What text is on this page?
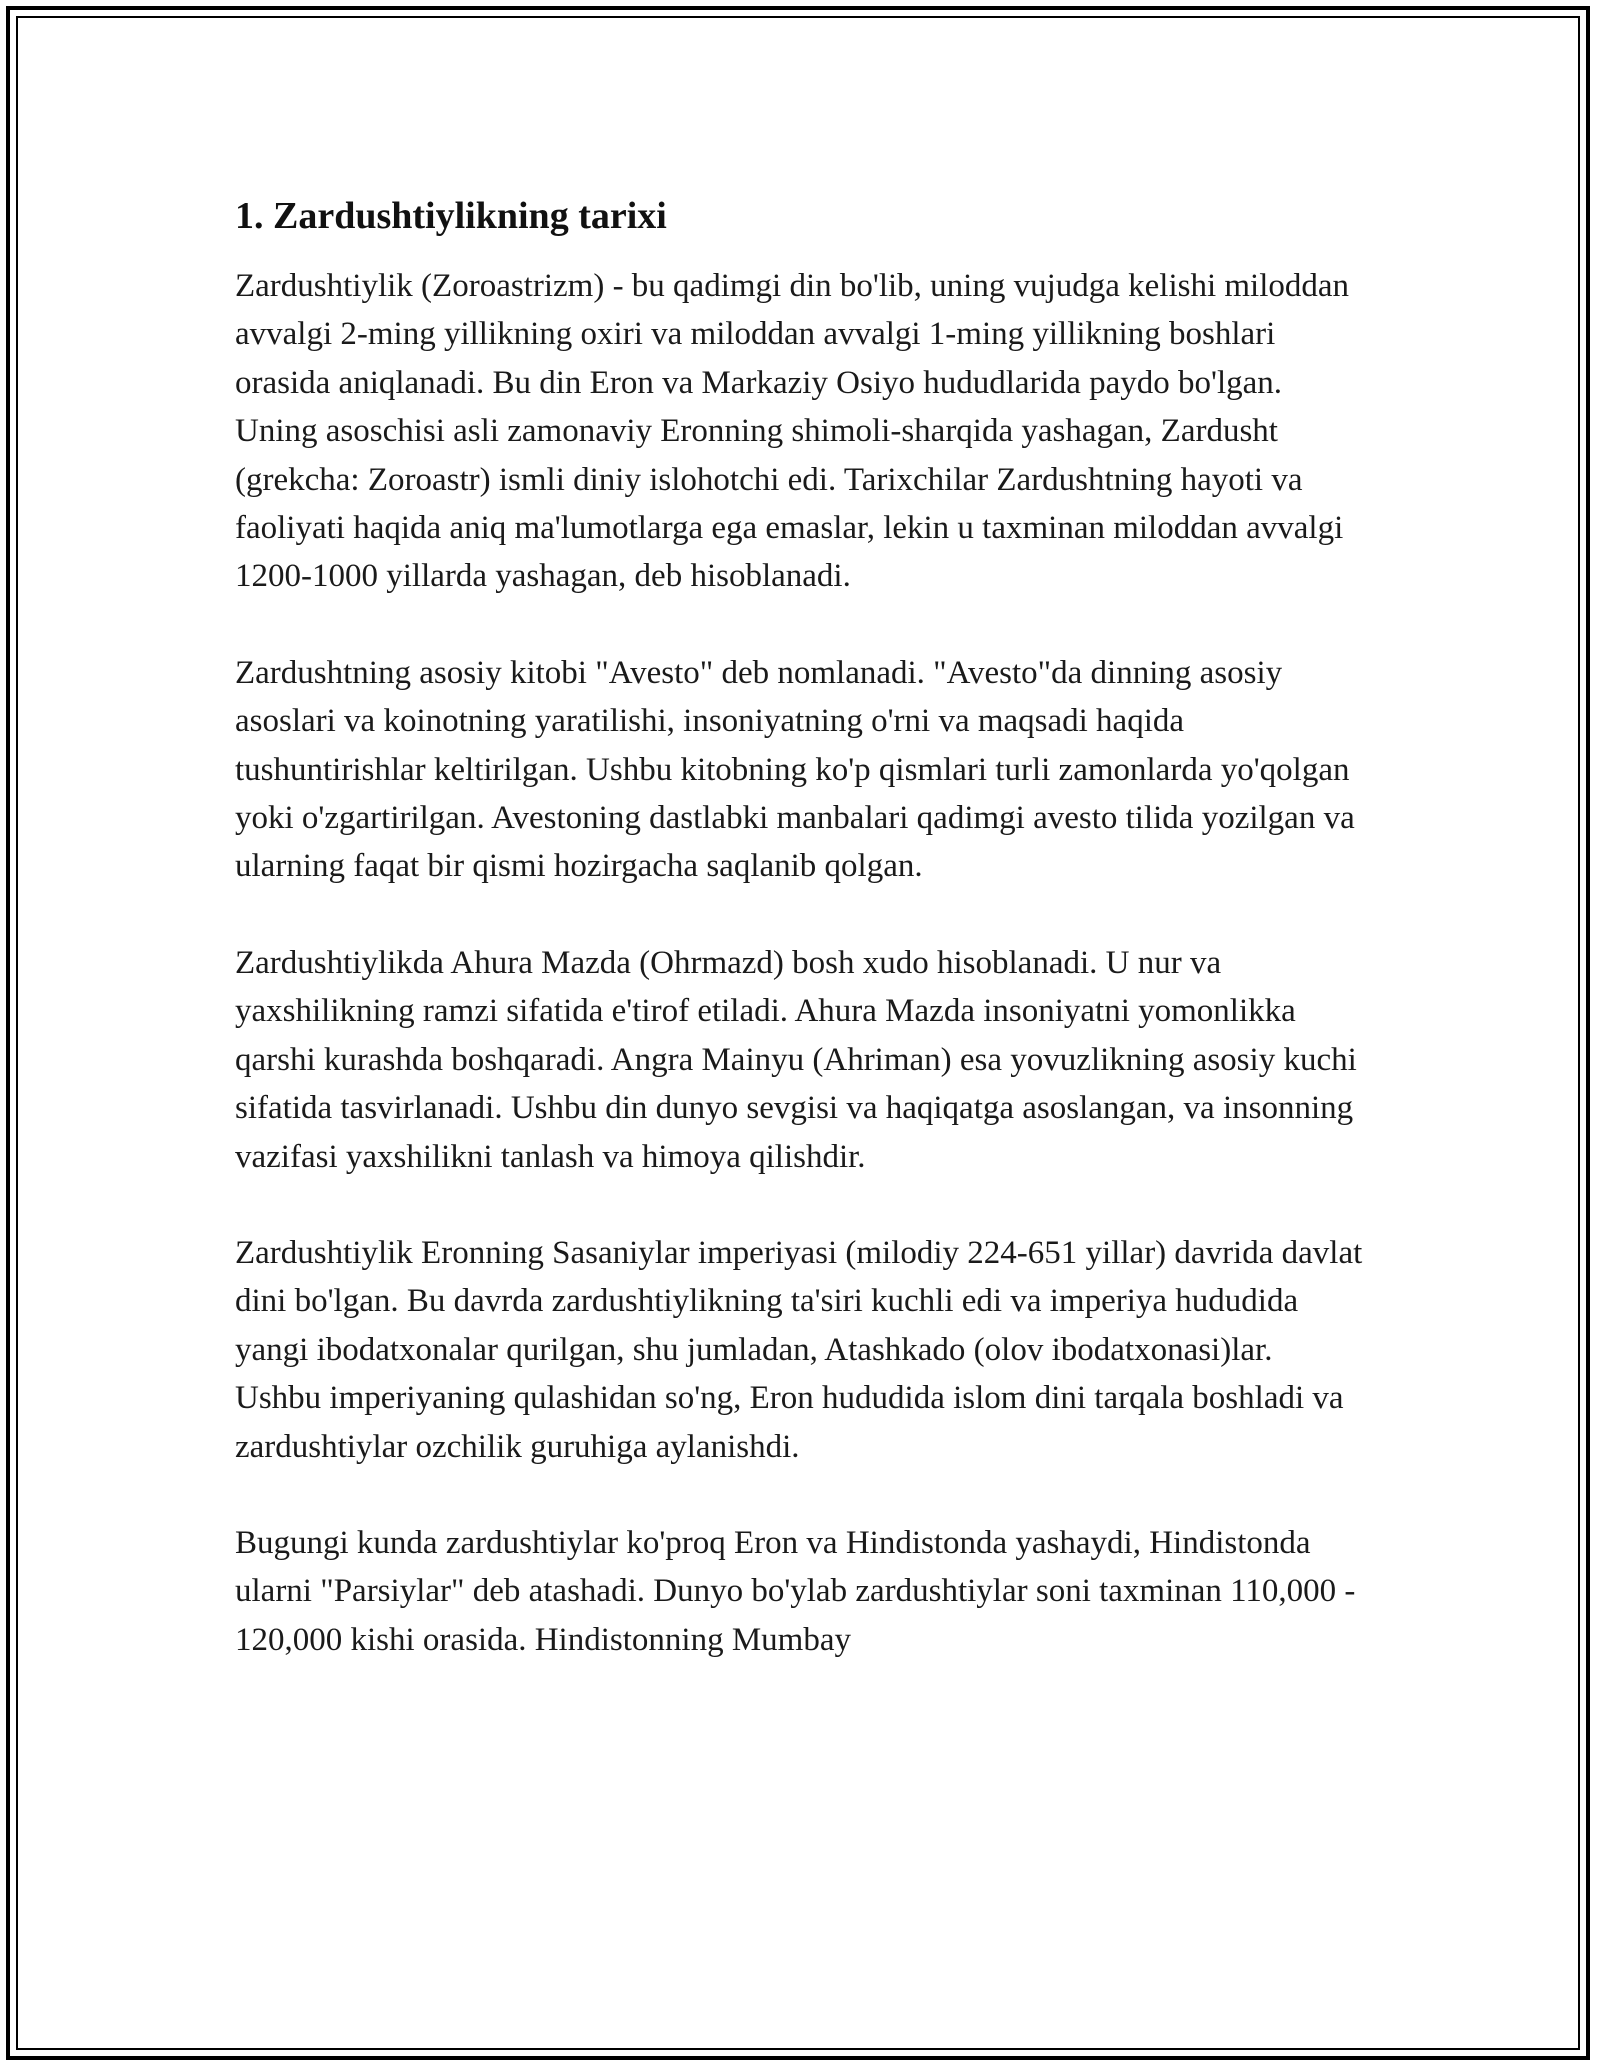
1. Zardushtiylikning tarixi

Zardushtiylik (Zoroastrizm) - bu qadimgi din bo'lib, uning vujudga kelishi miloddan avvalgi 2-ming yillikning oxiri va miloddan avvalgi 1-ming yillikning boshlari orasida aniqlanadi. Bu din Eron va Markaziy Osiyo hududlarida paydo bo'lgan. Uning asoschisi asli zamonaviy Eronning shimoli-sharqida yashagan, Zardusht (grekcha: Zoroastr) ismli diniy islohotchi edi. Tarixchilar Zardushtning hayoti va faoliyati haqida aniq ma'lumotlarga ega emaslar, lekin u taxminan miloddan avvalgi 1200-1000 yillarda yashagan, deb hisoblanadi.

Zardushtning asosiy kitobi "Avesto" deb nomlanadi. "Avesto"da dinning asosiy asoslari va koinotning yaratilishi, insoniyatning o'rni va maqsadi haqida tushuntirishlar keltirilgan. Ushbu kitobning ko'p qismlari turli zamonlarda yo'qolgan yoki o'zgartirilgan. Avestoning dastlabki manbalari qadimgi avesto tilida yozilgan va ularning faqat bir qismi hozirgacha saqlanib qolgan.

Zardushtiylikda Ahura Mazda (Ohrmazd) bosh xudo hisoblanadi. U nur va yaxshilikning ramzi sifatida e'tirof etiladi. Ahura Mazda insoniyatni yomonlikka qarshi kurashda boshqaradi. Angra Mainyu (Ahriman) esa yovuzlikning asosiy kuchi sifatida tasvirlanadi. Ushbu din dunyo sevgisi va haqiqatga asoslangan, va insonning vazifasi yaxshilikni tanlash va himoya qilishdir.

Zardushtiylik Eronning Sasaniylar imperiyasi (milodiy 224-651 yillar) davrida davlat dini bo'lgan. Bu davrda zardushtiylikning ta'siri kuchli edi va imperiya hududida yangi ibodatxonalar qurilgan, shu jumladan, Atashkado (olov ibodatxonasi)lar. Ushbu imperiyaning qulashidan so'ng, Eron hududida islom dini tarqala boshladi va zardushtiylar ozchilik guruhiga aylanishdi.

Bugungi kunda zardushtiylar ko'proq Eron va Hindistonda yashaydi, Hindistonda ularni "Parsiylar" deb atashadi. Dunyo bo'ylab zardushtiylar soni taxminan 110,000 - 120,000 kishi orasida. Hindistonning Mumbay
